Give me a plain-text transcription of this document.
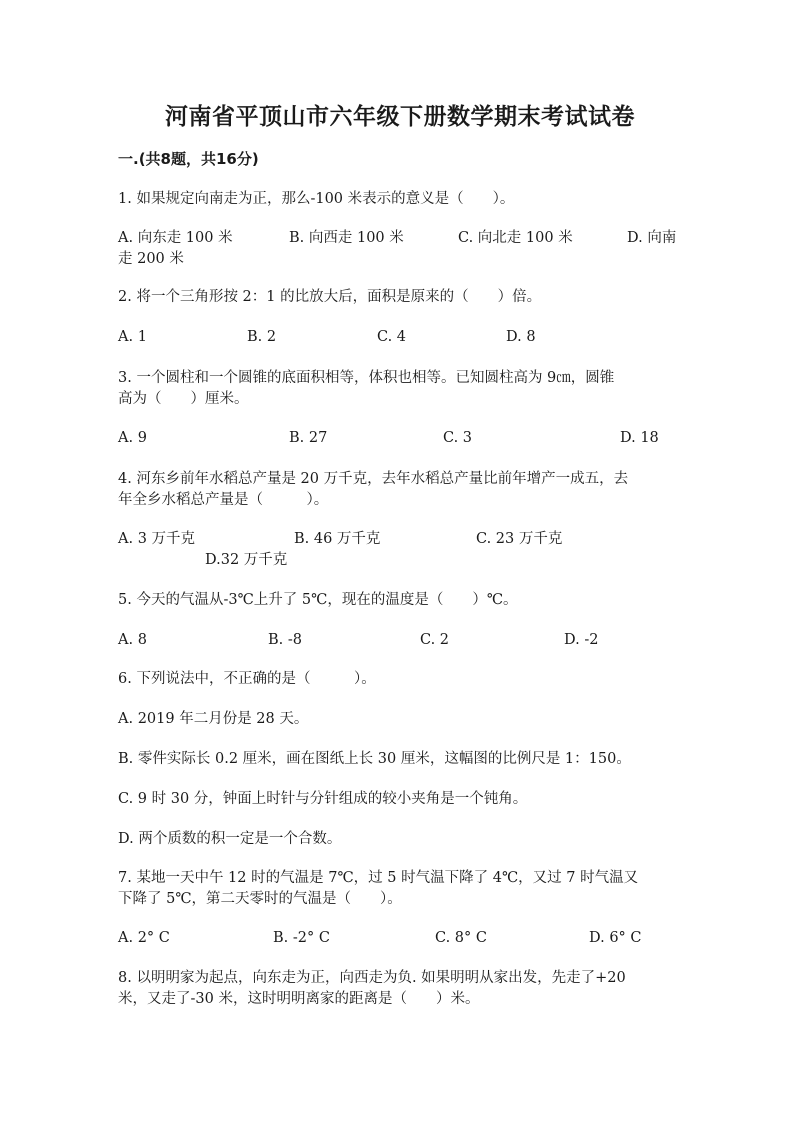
河南省平顶山市六年级下册数学期末考试试卷
一.(共8题，共16分)
1. 如果规定向南走为正，那么-100 米表示的意义是（　　）。
A. 向东走 100 米	B. 向西走 100 米	C. 向北走 100 米	D. 向南
走 200 米
2. 将一个三角形按 2：1 的比放大后，面积是原来的（　　）倍。
A. 1	B. 2	C. 4	D. 8
3. 一个圆柱和一个圆锥的底面积相等，体积也相等。已知圆柱高为 9㎝，圆锥
高为（　　）厘米。
A. 9	B. 27	C. 3	D. 18
4. 河东乡前年水稻总产量是 20 万千克，去年水稻总产量比前年增产一成五，去
年全乡水稻总产量是（　　　）。
A. 3 万千克	B. 46 万千克	C. 23 万千克
D.32 万千克
5. 今天的气温从-3℃上升了 5℃，现在的温度是（　　）℃。
A. 8	B. -8	C. 2	D. -2
6. 下列说法中，不正确的是（　　　）。
A. 2019 年二月份是 28 天。
B. 零件实际长 0.2 厘米，画在图纸上长 30 厘米，这幅图的比例尺是 1：150。
C. 9 时 30 分，钟面上时针与分针组成的较小夹角是一个钝角。
D. 两个质数的积一定是一个合数。
7. 某地一天中午 12 时的气温是 7℃，过 5 时气温下降了 4℃，又过 7 时气温又
下降了 5℃，第二天零时的气温是（　　）。
A. 2° C	B. -2° C	C. 8° C	D. 6° C
8. 以明明家为起点，向东走为正，向西走为负. 如果明明从家出发，先走了+20
米，又走了-30 米，这时明明离家的距离是（　　）米。
